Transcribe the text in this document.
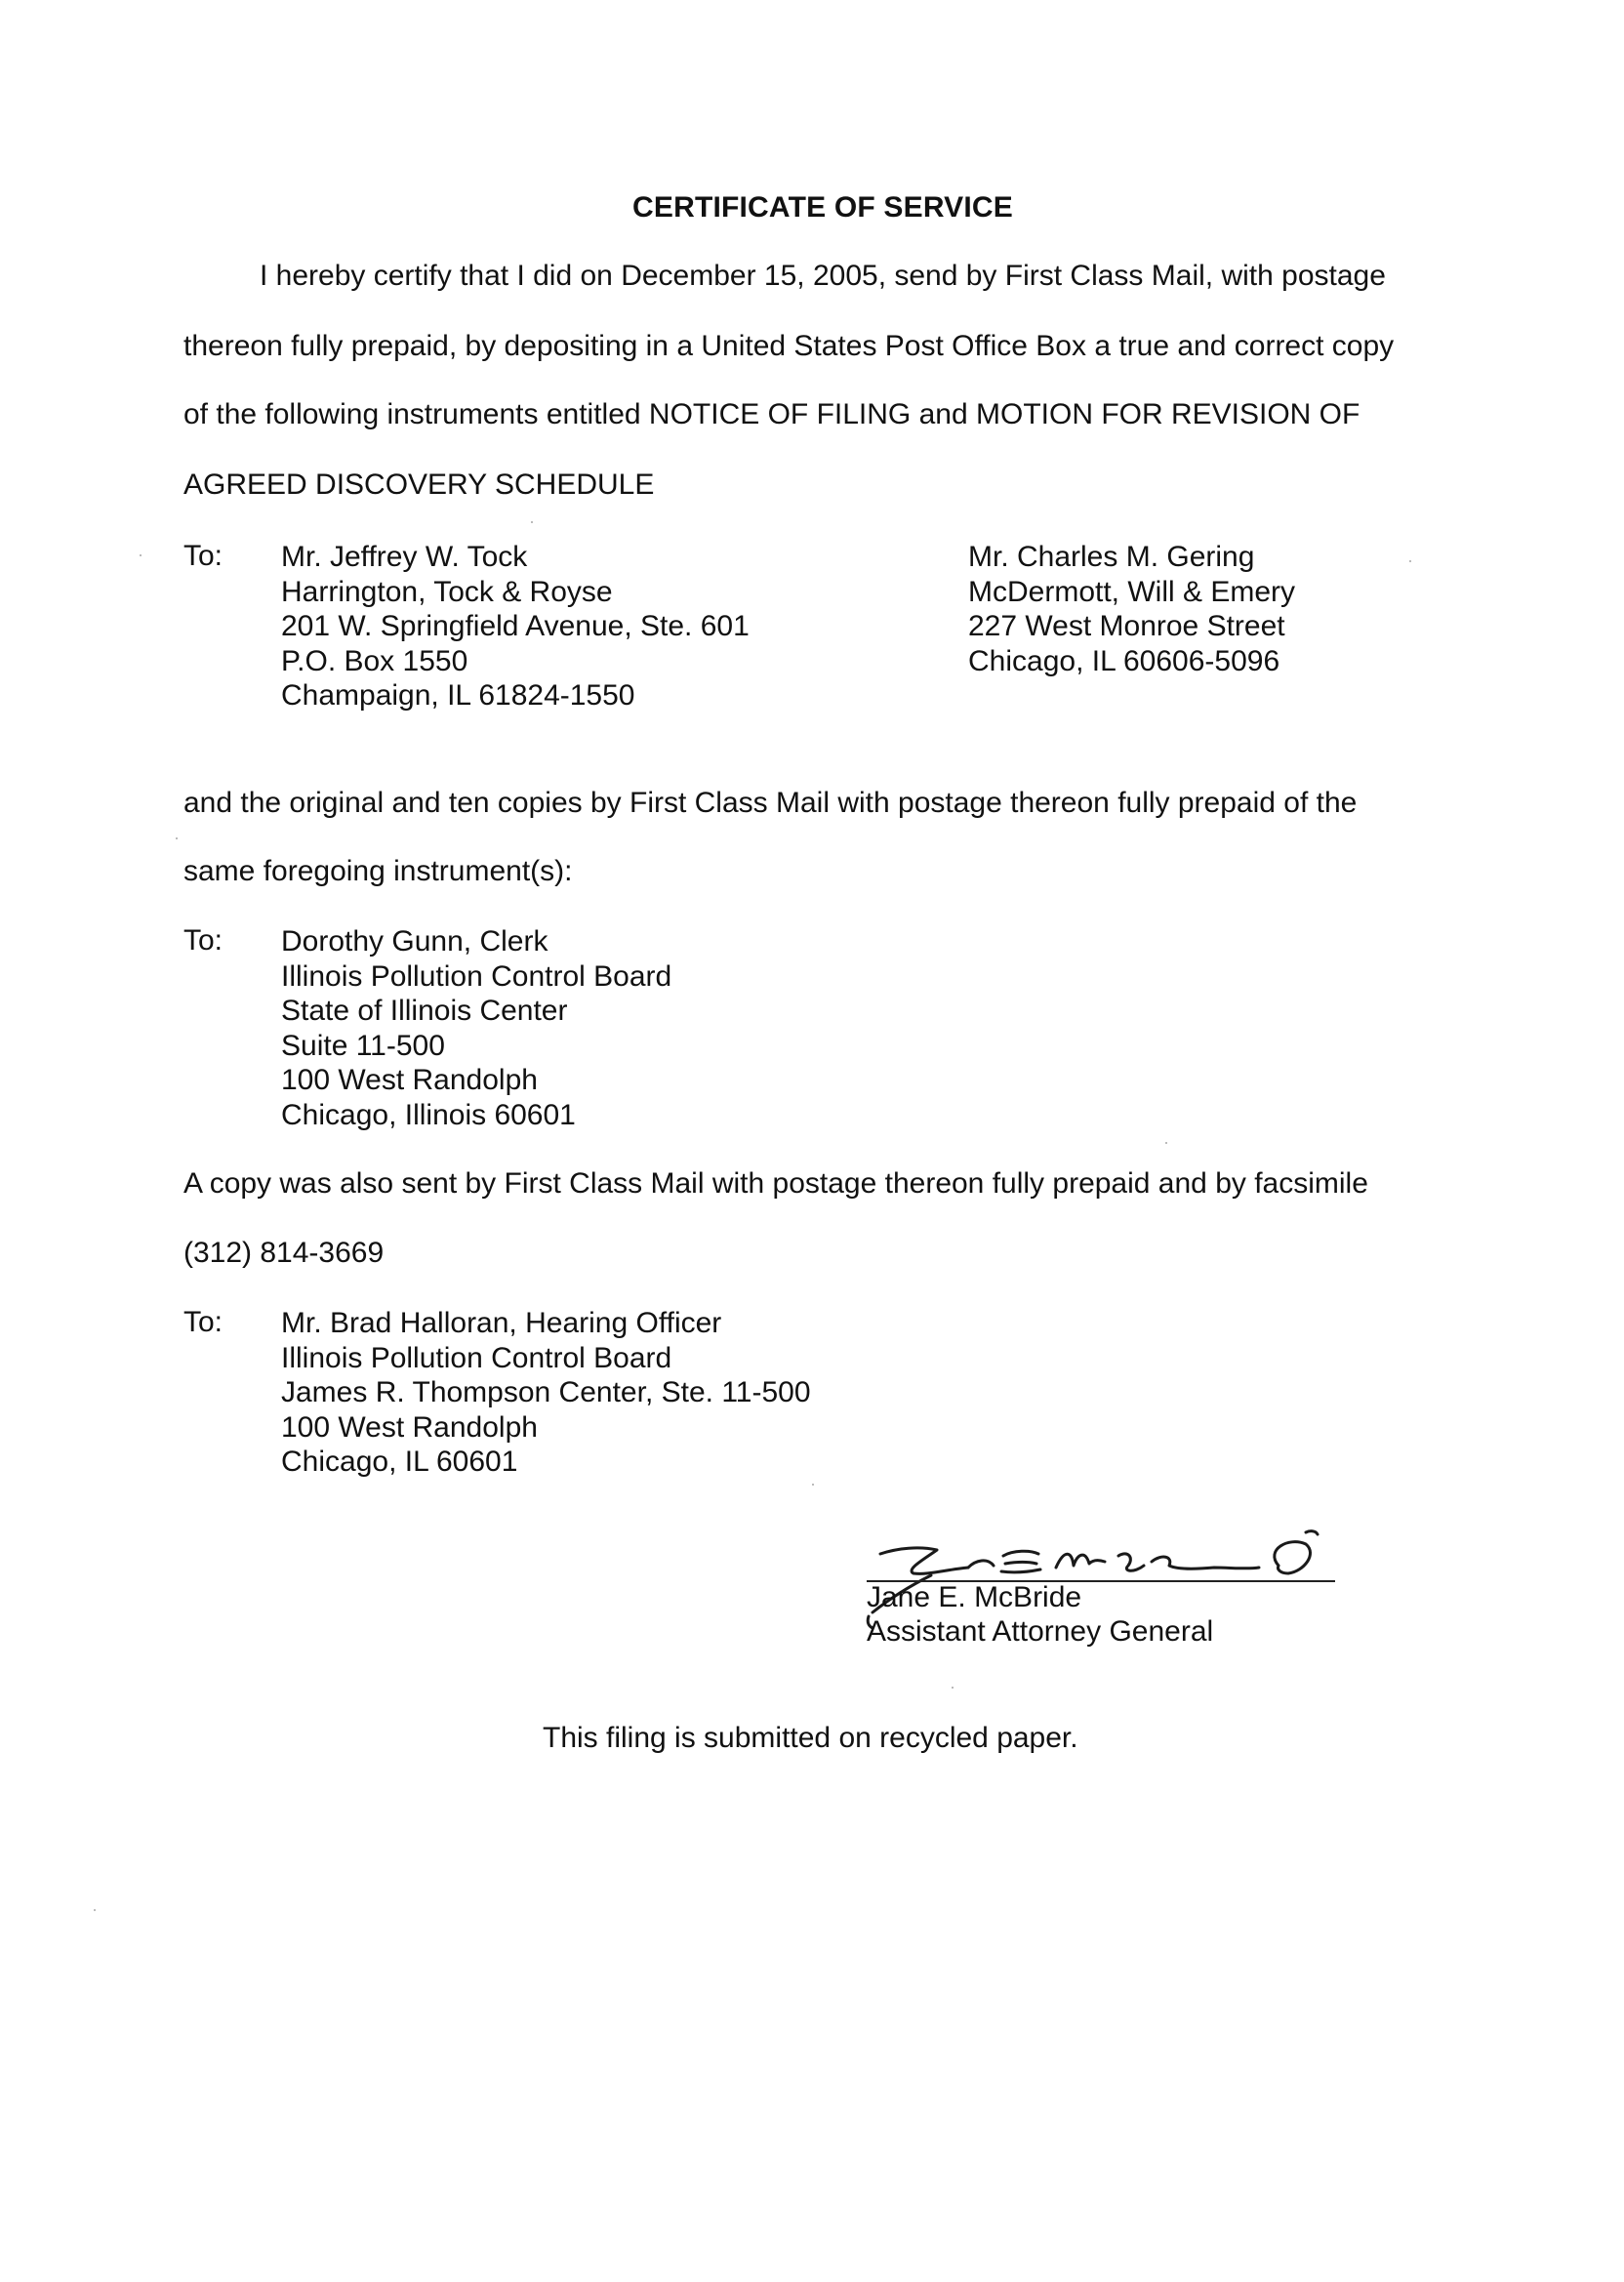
CERTIFICATE OF SERVICE
I hereby certify that I did on December 15, 2005, send by First Class Mail, with postage
thereon fully prepaid, by depositing in a United States Post Office Box a true and correct copy
of the following instruments entitled NOTICE OF FILING and MOTION FOR REVISION OF
AGREED DISCOVERY SCHEDULE
To: Mr. Jeffrey W. Tock
Harrington, Tock & Royse
201 W. Springfield Avenue, Ste. 601
P.O. Box 1550
Champaign, IL 61824-1550
Mr. Charles M. Gering
McDermott, Will & Emery
227 West Monroe Street
Chicago, IL 60606-5096
and the original and ten copies by First Class Mail with postage thereon fully prepaid of the
same foregoing instrument(s):
To: Dorothy Gunn, Clerk
Illinois Pollution Control Board
State of Illinois Center
Suite 11-500
100 West Randolph
Chicago, Illinois 60601
A copy was also sent by First Class Mail with postage thereon fully prepaid and by facsimile
(312) 814-3669
To: Mr. Brad Halloran, Hearing Officer
Illinois Pollution Control Board
James R. Thompson Center, Ste. 11-500
100 West Randolph
Chicago, IL 60601
Jane E. McBride
Assistant Attorney General
This filing is submitted on recycled paper.
